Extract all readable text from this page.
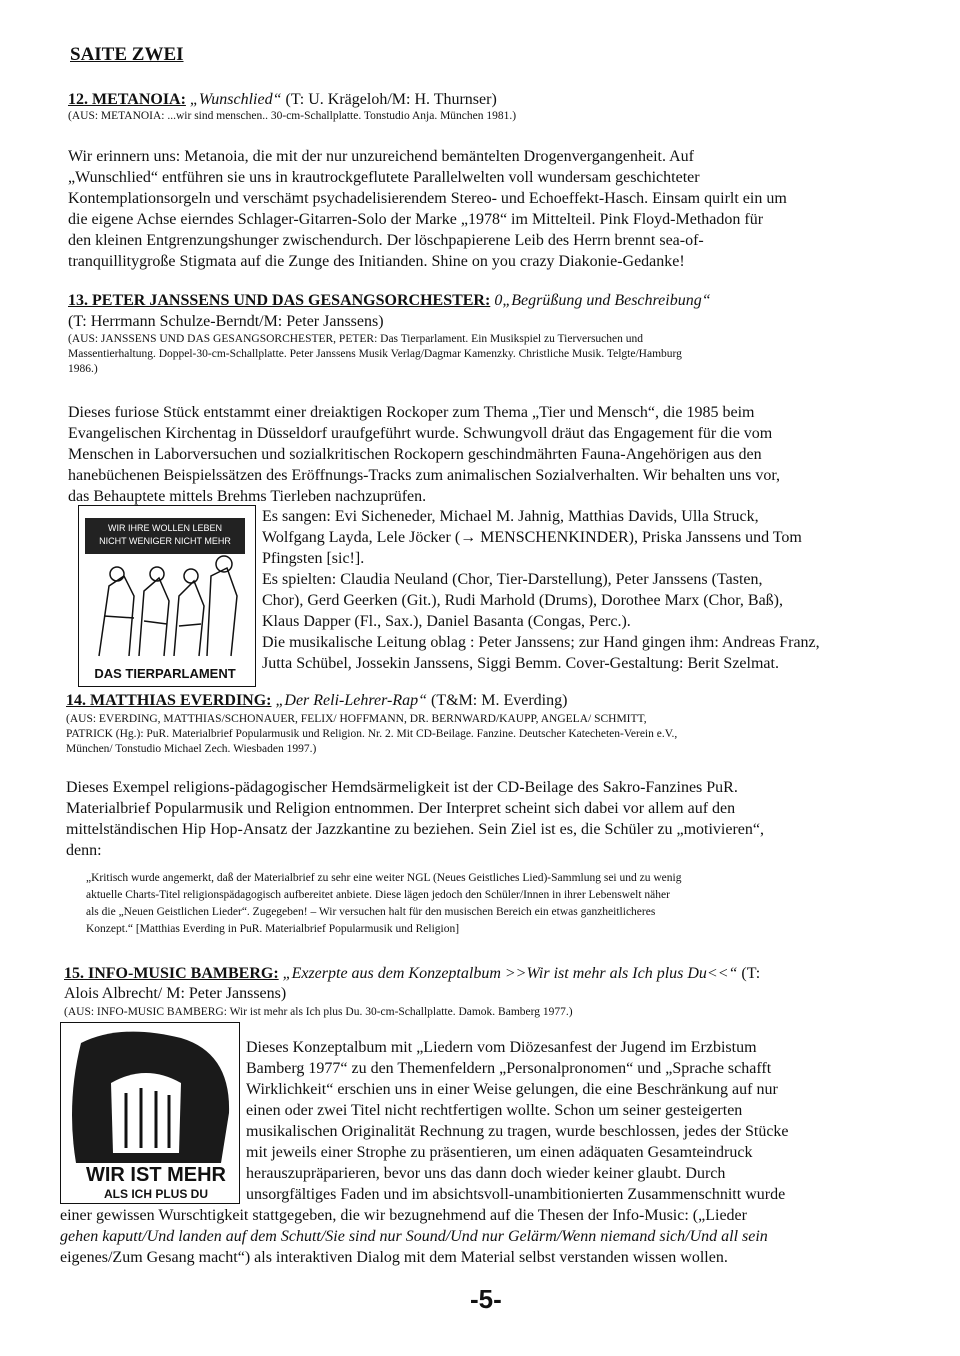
SAITE ZWEI
12. METANOIA: „Wunschlied“ (T: U. Krägeloh/M: H. Thurnser)
(AUS: METANOIA: ...wir sind menschen.. 30-cm-Schallplatte. Tonstudio Anja. München 1981.)
Wir erinnern uns: Metanoia, die mit der nur unzureichend bemäntelten Drogenvergangenheit. Auf
„Wunschlied“ entführen sie uns in krautrockgeflutete Parallelwelten voll wundersam geschichteter
Kontemplationsorgeln und verschämt psychadelisierendem Stereo- und Echoeffekt-Hasch. Einsam quirlt ein um
die eigene Achse eierndes Schlager-Gitarren-Solo der Marke „1978“ im Mittelteil. Pink Floyd-Methadon für
den kleinen Entgrenzungshunger zwischendurch. Der löschpapierene Leib des Herrn brennt sea-of-
tranquillitygroße Stigmata auf die Zunge des Initianden. Shine on you crazy Diakonie-Gedanke!
13. PETER JANSSENS UND DAS GESANGSORCHESTER: 0„Begrüßung und Beschreibung“
(T: Herrmann Schulze-Berndt/M: Peter Janssens)
(AUS: JANSSENS UND DAS GESANGSORCHESTER, PETER: Das Tierparlament. Ein Musikspiel zu Tierversuchen und
Massentierhaltung. Doppel-30-cm-Schallplatte. Peter Janssens Musik Verlag/Dagmar Kamenzky. Christliche Musik. Telgte/Hamburg
1986.)
Dieses furiose Stück entstammt einer dreiaktigen Rockoper zum Thema „Tier und Mensch“, die 1985 beim
Evangelischen Kirchentag in Düsseldorf uraufgeführt wurde. Schwungvoll dräut das Engagement für die vom
Menschen in Laborversuchen und sozialkritischen Rockopern geschindmährten Fauna-Angehörigen aus den
hanebüchenen Beispielssätzen des Eröffnungs-Tracks zum animalischen Sozialverhalten. Wir behalten uns vor,
das Behauptete mittels Brehms Tierleben nachzuprüfen.
WIR IHRE WOLLEN LEBEN
NICHT WENIGER NICHT MEHR
DAS TIERPARLAMENT
Es sangen: Evi Sicheneder, Michael M. Jahnig, Matthias Davids, Ulla Struck,
Wolfgang Layda, Lele Jöcker (→ MENSCHENKINDER), Priska Janssens und Tom
Pfingsten [sic!].
Es spielten: Claudia Neuland (Chor, Tier-Darstellung), Peter Janssens (Tasten,
Chor), Gerd Geerken (Git.), Rudi Marhold (Drums), Dorothee Marx (Chor, Baß),
Klaus Dapper (Fl., Sax.), Daniel Basanta (Congas, Perc.).
Die musikalische Leitung oblag : Peter Janssens; zur Hand gingen ihm: Andreas Franz,
Jutta Schübel, Jossekin Janssens, Siggi Bemm. Cover-Gestaltung: Berit Szelmat.
14. MATTHIAS EVERDING: „Der Reli-Lehrer-Rap“ (T&M: M. Everding)
(AUS: EVERDING, MATTHIAS/SCHONAUER, FELIX/ HOFFMANN, DR. BERNWARD/KAUPP, ANGELA/ SCHMITT,
PATRICK (Hg.): PuR. Materialbrief Popularmusik und Religion. Nr. 2. Mit CD-Beilage. Fanzine. Deutscher Katecheten-Verein e.V.,
München/ Tonstudio Michael Zech. Wiesbaden 1997.)
Dieses Exempel religions-pädagogischer Hemdsärmeligkeit ist der CD-Beilage des Sakro-Fanzines PuR.
Materialbrief Popularmusik und Religion entnommen. Der Interpret scheint sich dabei vor allem auf den
mittelständischen Hip Hop-Ansatz der Jazzkantine zu beziehen. Sein Ziel ist es, die Schüler zu „motivieren“,
denn:
„Kritisch wurde angemerkt, daß der Materialbrief zu sehr eine weiter NGL (Neues Geistliches Lied)-Sammlung sei und zu wenig
aktuelle Charts-Titel religionspädagogisch aufbereitet anbiete. Diese lägen jedoch den Schüler/Innen in ihrer Lebenswelt näher
als die „Neuen Geistlichen Lieder“. Zugegeben! – Wir versuchen halt für den musischen Bereich ein etwas ganzheitlicheres
Konzept.“ [Matthias Everding in PuR. Materialbrief Popularmusik und Religion]
15. INFO-MUSIC BAMBERG: „Exzerpte aus dem Konzeptalbum >>Wir ist mehr als Ich plus Du<<“ (T:
Alois Albrecht/ M: Peter Janssens)
(AUS: INFO-MUSIC BAMBERG: Wir ist mehr als Ich plus Du. 30-cm-Schallplatte. Damok. Bamberg 1977.)
WIR IST MEHR
ALS ICH PLUS DU
Dieses Konzeptalbum mit „Liedern vom Diözesanfest der Jugend im Erzbistum
Bamberg 1977“ zu den Themenfeldern „Personalpronomen“ und „Sprache schafft
Wirklichkeit“ erschien uns in einer Weise gelungen, die eine Beschränkung auf nur
einen oder zwei Titel nicht rechtfertigen wollte. Schon um seiner gesteigerten
musikalischen Originalität Rechnung zu tragen, wurde beschlossen, jedes der Stücke
mit jeweils einer Strophe zu präsentieren, um einen adäquaten Gesamteindruck
herauszupräparieren, bevor uns das dann doch wieder keiner glaubt. Durch
unsorgfältiges Faden und im absichtsvoll-unambitionierten Zusammenschnitt wurde
einer gewissen Wurschtigkeit stattgegeben, die wir bezugnehmend auf die Thesen der Info-Music: („Lieder
gehen kaputt/Und landen auf dem Schutt/Sie sind nur Sound/Und nur Gelärm/Wenn niemand sich/Und all sein
eigenes/Zum Gesang macht“) als interaktiven Dialog mit dem Material selbst verstanden wissen wollen.
-5-
